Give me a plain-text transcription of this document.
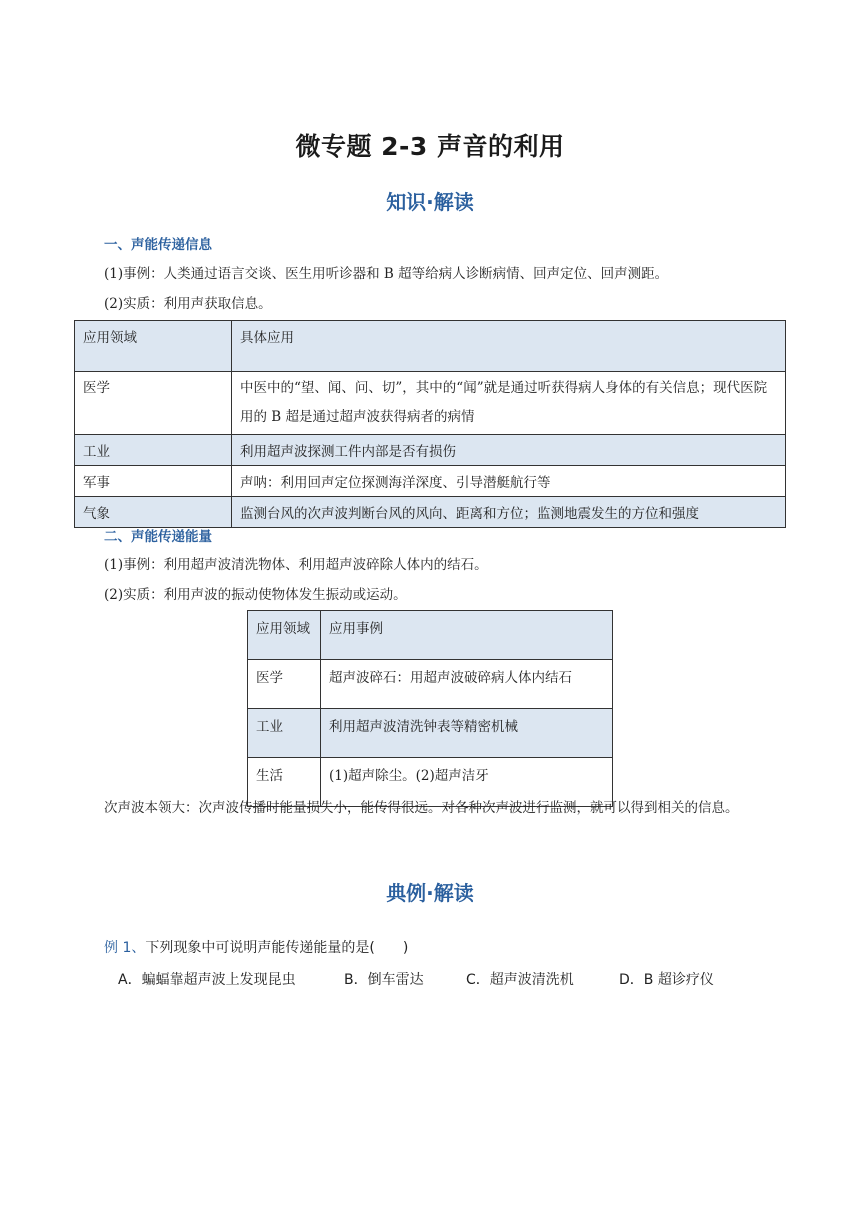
微专题 2-3 声音的利用
知识·解读
一、声能传递信息
(1)事例：人类通过语言交谈、医生用听诊器和 B 超等给病人诊断病情、回声定位、回声测距。
(2)实质：利用声获取信息。
应用领域	具体应用
医学	中医中的“望、闻、问、切”，其中的“闻”就是通过听获得病人身体的有关信息；现代医院用的 B 超是通过超声波获得病者的病情
工业	利用超声波探测工件内部是否有损伤
军事	声呐：利用回声定位探测海洋深度、引导潜艇航行等
气象	监测台风的次声波判断台风的风向、距离和方位；监测地震发生的方位和强度
二、声能传递能量
(1)事例：利用超声波清洗物体、利用超声波碎除人体内的结石。
(2)实质：利用声波的振动使物体发生振动或运动。
应用领域	应用事例
医学	超声波碎石：用超声波破碎病人体内结石
工业	利用超声波清洗钟表等精密机械
生活	(1)超声除尘。(2)超声洁牙
次声波本领大：次声波传播时能量损失小，能传得很远。对各种次声波进行监测，就可以得到相关的信息。
典例·解读
例 1、下列现象中可说明声能传递能量的是(　　)
A．蝙蝠靠超声波上发现昆虫	B．倒车雷达	C．超声波清洗机	D．B 超诊疗仪
